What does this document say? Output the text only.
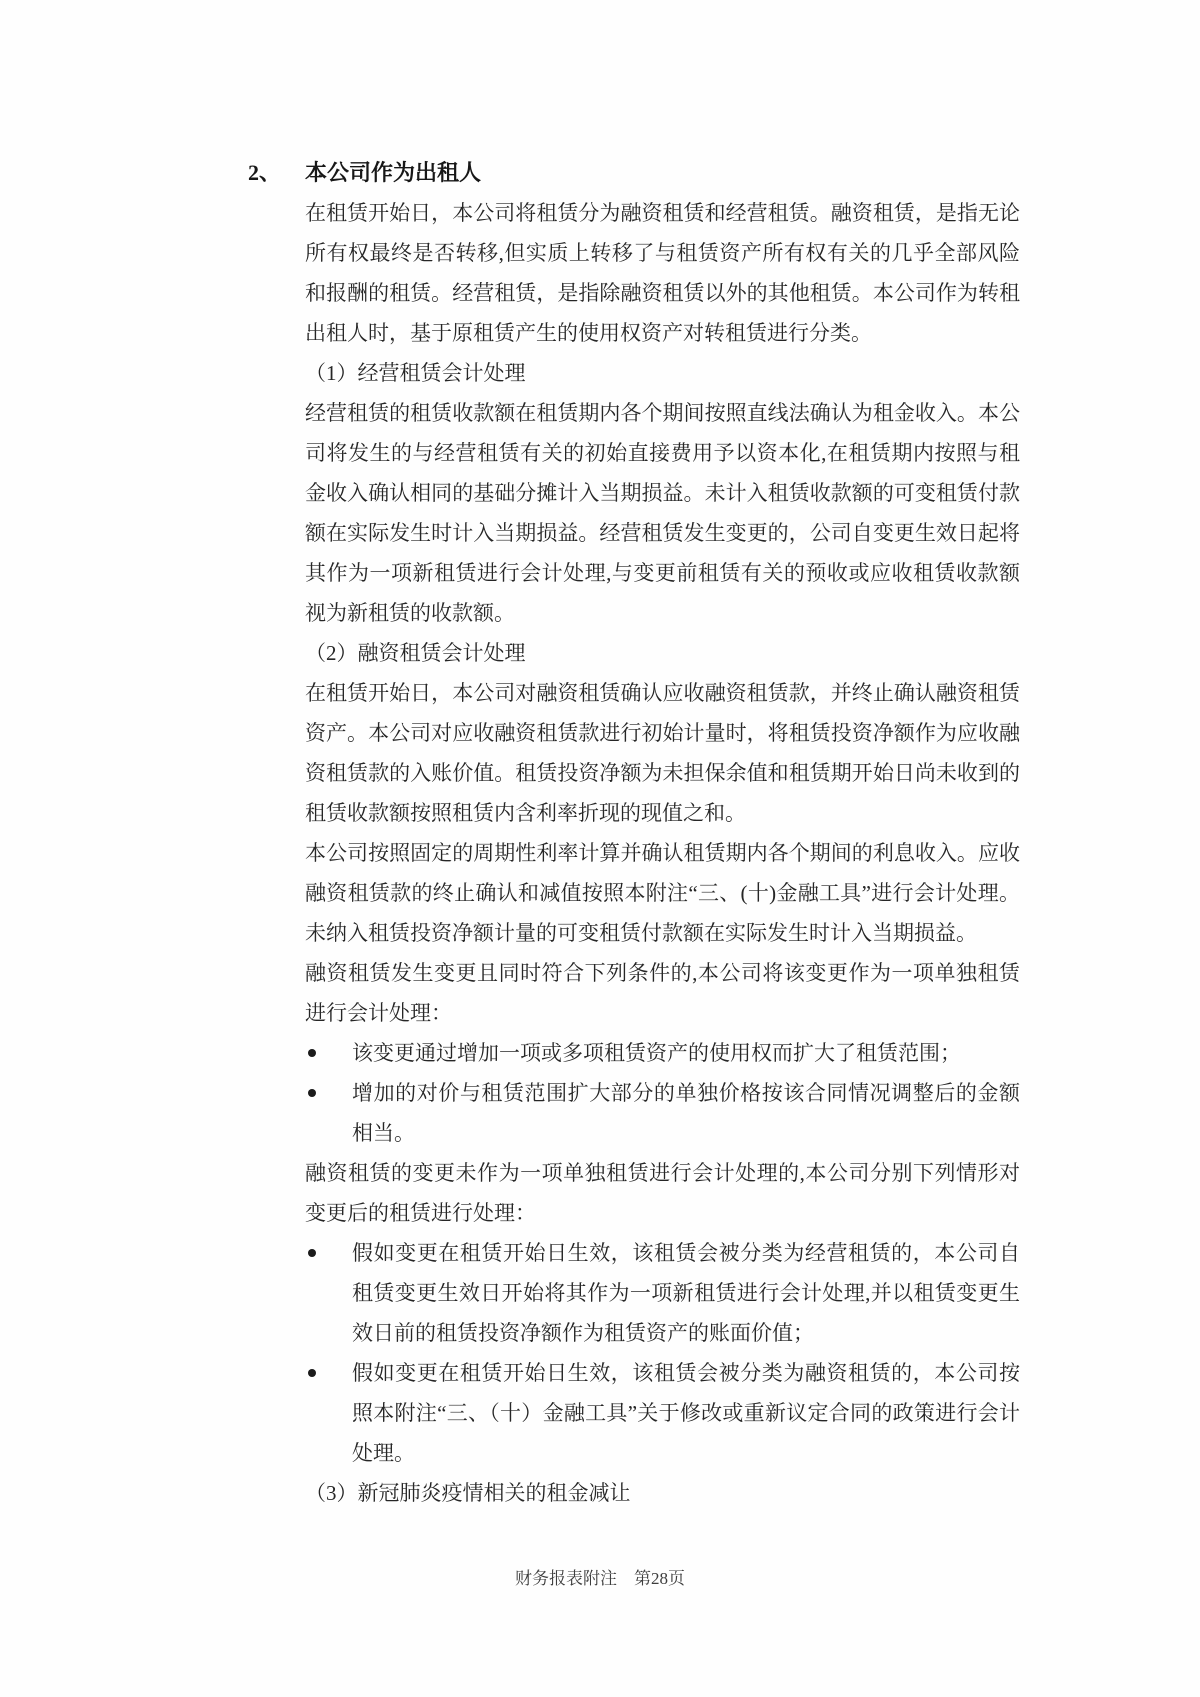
2、	本公司作为出租人
在租赁开始日，本公司将租赁分为融资租赁和经营租赁。融资租赁，是指无论所有权最终是否转移,但实质上转移了与租赁资产所有权有关的几乎全部风险和报酬的租赁。经营租赁，是指除融资租赁以外的其他租赁。本公司作为转租出租人时，基于原租赁产生的使用权资产对转租赁进行分类。
（1）经营租赁会计处理
经营租赁的租赁收款额在租赁期内各个期间按照直线法确认为租金收入。本公司将发生的与经营租赁有关的初始直接费用予以资本化,在租赁期内按照与租金收入确认相同的基础分摊计入当期损益。未计入租赁收款额的可变租赁付款额在实际发生时计入当期损益。经营租赁发生变更的，公司自变更生效日起将其作为一项新租赁进行会计处理,与变更前租赁有关的预收或应收租赁收款额视为新租赁的收款额。
（2）融资租赁会计处理
在租赁开始日，本公司对融资租赁确认应收融资租赁款，并终止确认融资租赁资产。本公司对应收融资租赁款进行初始计量时，将租赁投资净额作为应收融资租赁款的入账价值。租赁投资净额为未担保余值和租赁期开始日尚未收到的租赁收款额按照租赁内含利率折现的现值之和。
本公司按照固定的周期性利率计算并确认租赁期内各个期间的利息收入。应收融资租赁款的终止确认和减值按照本附注“三、(十)金融工具”进行会计处理。未纳入租赁投资净额计量的可变租赁付款额在实际发生时计入当期损益。
融资租赁发生变更且同时符合下列条件的,本公司将该变更作为一项单独租赁进行会计处理：
该变更通过增加一项或多项租赁资产的使用权而扩大了租赁范围；
增加的对价与租赁范围扩大部分的单独价格按该合同情况调整后的金额相当。
融资租赁的变更未作为一项单独租赁进行会计处理的,本公司分别下列情形对变更后的租赁进行处理：
假如变更在租赁开始日生效，该租赁会被分类为经营租赁的，本公司自租赁变更生效日开始将其作为一项新租赁进行会计处理,并以租赁变更生效日前的租赁投资净额作为租赁资产的账面价值；
假如变更在租赁开始日生效，该租赁会被分类为融资租赁的，本公司按照本附注“三、（十）金融工具”关于修改或重新议定合同的政策进行会计处理。
（3）新冠肺炎疫情相关的租金减让
财务报表附注　第28页
